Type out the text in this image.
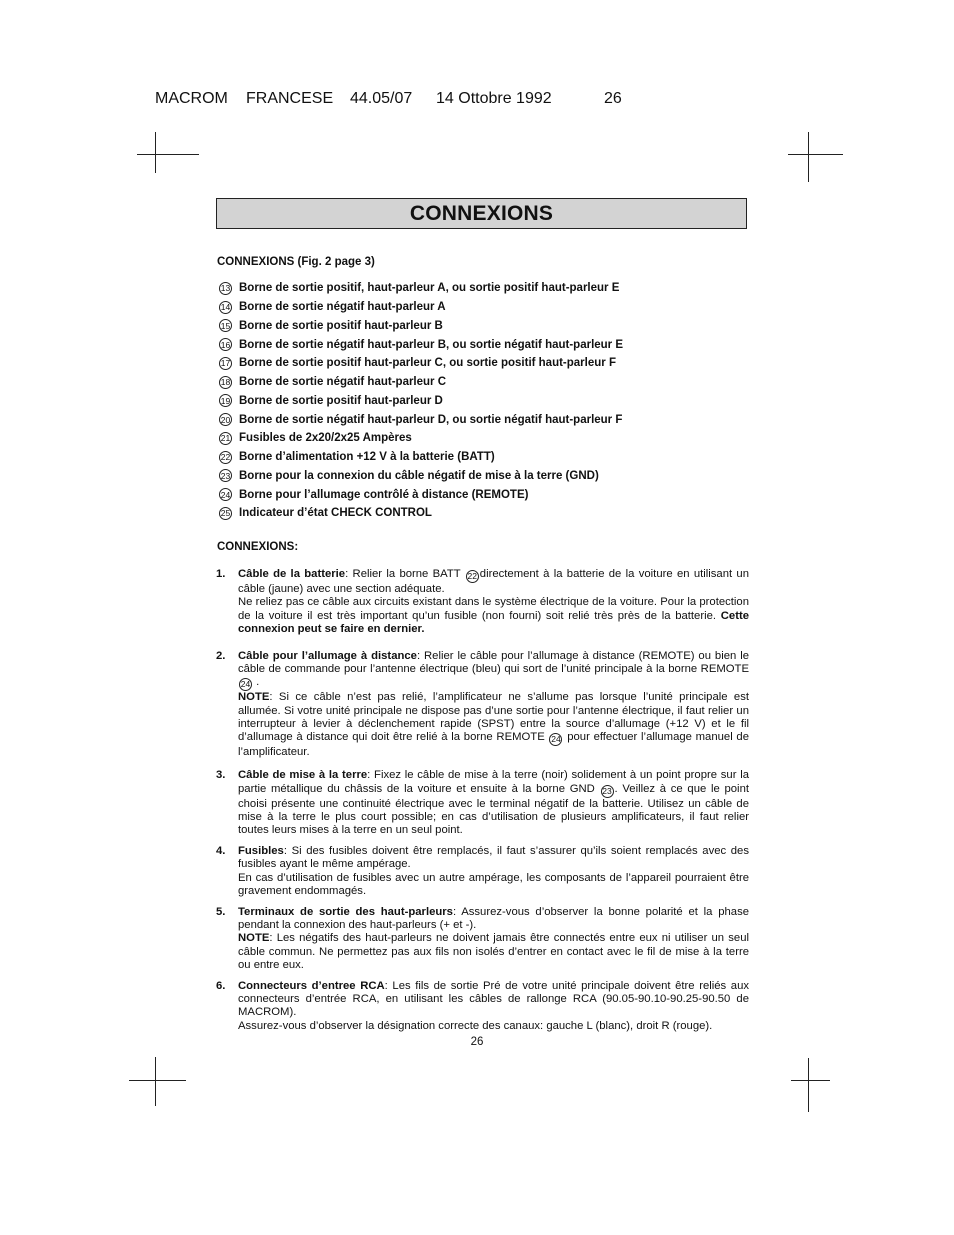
MACROM

FRANCESE

44.05/07

14 Ottobre 1992

	26

CONNEXIONS
CONNEXIONS (Fig. 2 page 3)
13 Borne de sortie positif, haut-parleur A, ou sortie positif haut-parleur E
14 Borne de sortie négatif haut-parleur A
15 Borne de sortie positif haut-parleur B
16 Borne de sortie négatif haut-parleur B, ou sortie négatif haut-parleur E
17 Borne de sortie positif haut-parleur C, ou sortie positif haut-parleur F
18 Borne de sortie négatif haut-parleur C
19 Borne de sortie positif haut-parleur D
20 Borne de sortie négatif haut-parleur D, ou sortie négatif haut-parleur F
21 Fusibles de 2x20/2x25 Ampères
22 Borne d’alimentation +12 V à la batterie (BATT)
23 Borne pour la connexion du câble négatif de mise à la terre (GND)
24 Borne pour l’allumage contrôlé à distance (REMOTE)
25 Indicateur d’état CHECK CONTROL
CONNEXIONS:
1. Câble de la batterie: Relier la borne BATT 22 directement à la batterie de la voiture en utilisant un câble (jaune) avec une section adéquate.

Ne reliez pas ce câble aux circuits existant dans le système électrique de la voiture. Pour la protection de la voiture il est très important qu’un fusible (non fourni) soit relié très près de la batterie. Cette connexion peut se faire en dernier.

2. Câble pour l’allumage à distance: Relier le câble pour l’allumage à distance (REMOTE) ou bien le câble de commande pour l’antenne électrique (bleu) qui sort de l’unité principale à la borne REMOTE 24 .

NOTE: Si ce câble n’est pas relié, l’amplificateur ne s’allume pas lorsque l’unité principale est allumée. Si votre unité principale ne dispose pas d’une sortie pour l’antenne électrique, il faut relier un interrupteur à levier à déclenchement rapide (SPST) entre la source d’allumage (+12 V) et le fil d’allumage à distance qui doit être relié à la borne REMOTE 24 pour effectuer l’allumage manuel de l’amplificateur.

3. Câble de mise à la terre: Fixez le câble de mise à la terre (noir) solidement à un point propre sur la partie métallique du châssis de la voiture et ensuite à la borne GND 23 . Veillez à ce que le point choisi présente une continuité électrique avec le terminal négatif de la batterie. Utilisez un câble de mise à la terre le plus court possible; en cas d’utilisation de plusieurs amplificateurs, il faut relier toutes leurs mises à la terre en un seul point.

4. Fusibles: Si des fusibles doivent être remplacés, il faut s’assurer qu’ils soient remplacés avec des fusibles ayant le même ampérage.

En cas d’utilisation de fusibles avec un autre ampérage, les composants de l’appareil pourraient être gravement endommagés.

5. Terminaux de sortie des haut-parleurs: Assurez-vous d’observer la bonne polarité et la phase pendant la connexion des haut-parleurs (+ et -).

NOTE: Les négatifs des haut-parleurs ne doivent jamais être connectés entre eux ni utiliser un seul câble commun. Ne permettez pas aux fils non isolés d’entrer en contact avec le fil de mise à la terre ou entre eux.

6. Connecteurs d’entree RCA: Les fils de sortie Pré de votre unité principale doivent être reliés aux connecteurs d’entrée RCA, en utilisant les câbles de rallonge RCA (90.05-90.10-90.25-90.50 de MACROM).

Assurez-vous d’observer la désignation correcte des canaux: gauche L (blanc), droit R (rouge).

26
